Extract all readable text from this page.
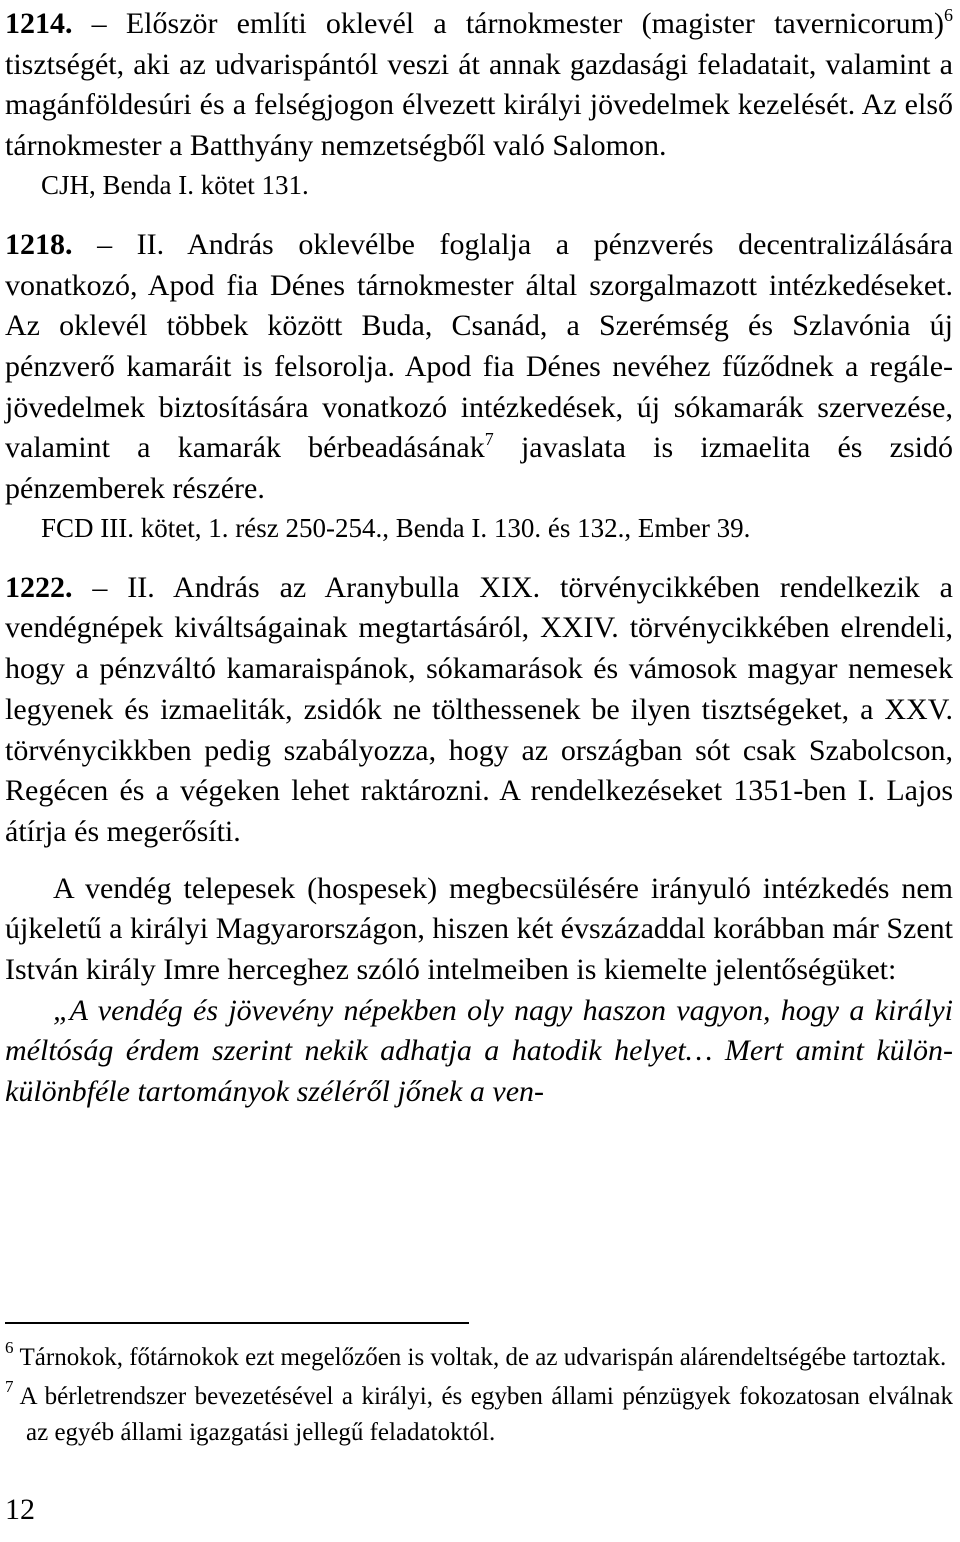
1214. – Először említi oklevél a tárnokmester (magister tavernicorum)$^6$ tisztségét, aki az udvarispántól veszi át annak gazdasági feladatait, valamint a magánföldesúri és a felségjogon élvezett királyi jövedelmek kezelését. Az első tárnokmester a Batthyány nemzetségből való Salomon.

CJH, Benda I. kötet 131.

1218. – II. András oklevélbe foglalja a pénzverés decentralizálására vonatkozó, Apod fia Dénes tárnokmester által szorgalmazott intézkedéseket. Az oklevél többek között Buda, Csanád, a Szerémség és Szlavónia új pénzverő kamaráit is felsorolja. Apod fia Dénes nevéhez fűződnek a regále-jövedelmek biztosítására vonatkozó intézkedések, új sókamarák szervezése, valamint a kamarák bérbeadásának$^7$ javaslata is izmaelita és zsidó pénzemberek részére.

FCD III. kötet, 1. rész 250-254., Benda I. 130. és 132., Ember 39.

1222. – II. András az Aranybulla XIX. törvénycikkében rendelkezik a vendégnépek kiváltságainak megtartásáról, XXIV. törvénycikkében elrendeli, hogy a pénzváltó kamaraispánok, sókamarások és vámosok magyar nemesek legyenek és izmaeliták, zsidók ne tölthessenek be ilyen tisztségeket, a XXV. törvénycikkben pedig szabályozza, hogy az országban sót csak Szabolcson, Regécen és a végeken lehet raktározni. A rendelkezéseket 1351-ben I. Lajos átírja és megerősíti.

A vendég telepesek (hospesek) megbecsülésére irányuló intézkedés nem újkeletű a királyi Magyarországon, hiszen két évszázaddal korábban már Szent István király Imre herceghez szóló intelmeiben is kiemelte jelentőségüket:

„A vendég és jövevény népekben oly nagy haszon vagyon, hogy a királyi méltóság érdem szerint nekik adhatja a hatodik helyet… Mert amint külön-különbféle tartományok széléről jőnek a ven-

$^6$ Tárnokok, főtárnokok ezt megelőzően is voltak, de az udvarispán alárendeltségébe tartoztak.

$^7$ A bérletrendszer bevezetésével a királyi, és egyben állami pénzügyek fokozatosan elválnak az egyéb állami igazgatási jellegű feladatoktól.

12
